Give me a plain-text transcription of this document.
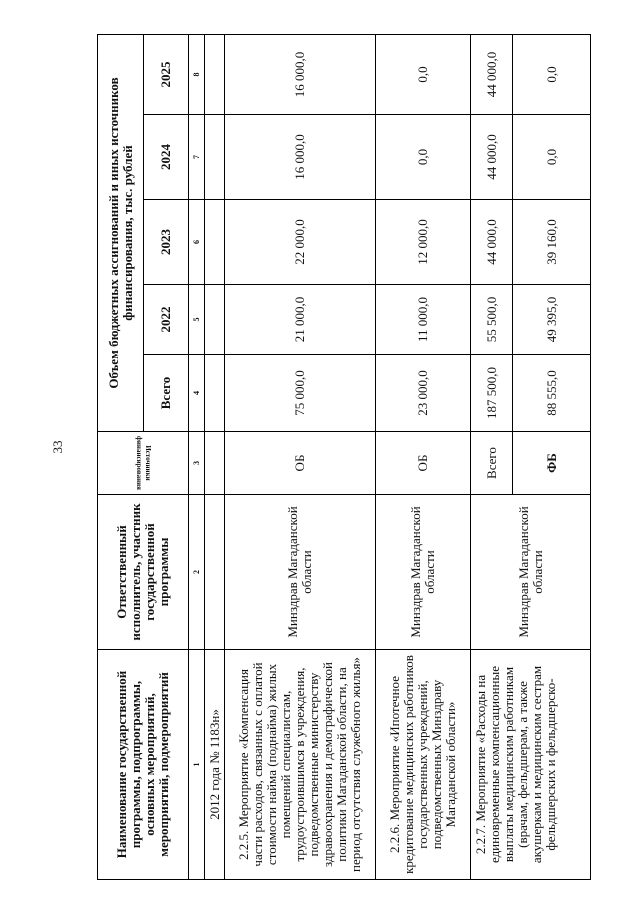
33
Наименование государственной программы, подпрограммы, основных мероприятий, мероприятий, подмероприятий	Ответственный исполнитель, участник государственной программы	Источники финансирования	Объем бюджетных ассигнований и иных источников финансирования, тыс. рублей				
			Всего	2022	2023	2024	2025
1	2	3	4	5	6	7	8
2012 года № 1183н»							
2.2.5. Мероприятие «Компенсация части расходов, связанных с оплатой стоимости найма (поднайма) жилых помещений специалистам, трудоустроившимся в учреждения, подведомственные министерству здравоохранения и демографической политики Магаданской области, на период отсутствия служебного жилья»	Минздрав Магаданской области	ОБ	75 000,0	21 000,0	22 000,0	16 000,0	16 000,0
2.2.6. Мероприятие «Ипотечное кредитование медицинских работников государственных учреждений, подведомственных Минздраву Магаданской области»	Минздрав Магаданской области	ОБ	23 000,0	11 000,0	12 000,0	0,0	0,0
2.2.7. Мероприятие «Расходы на единовременные компенсационные выплаты медицинским работникам (врачам, фельдшерам, а также акушеркам и медицинским сестрам фельдшерских и фельдшерско-	Минздрав Магаданской области	Всего	187 500,0	55 500,0	44 000,0	44 000,0	44 000,0
		ФБ	88 555,0	49 395,0	39 160,0	0,0	0,0
